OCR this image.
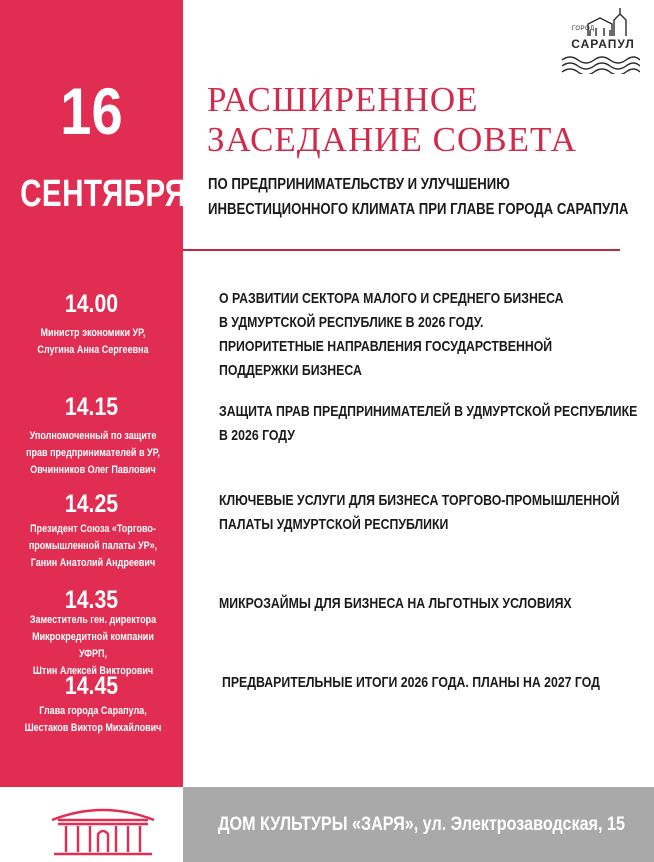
16
СЕНТЯБРЯ
ГОРОД
САРАПУЛ
РАСШИРЕННОЕ
ЗАСЕДАНИЕ СОВЕТА
ПО ПРЕДПРИНИМАТЕЛЬСТВУ И УЛУЧШЕНИЮ
ИНВЕСТИЦИОННОГО КЛИМАТА ПРИ ГЛАВЕ ГОРОДА САРАПУЛА
14.00
Министр экономики УР,
Слугина Анна Сергеевна
О РАЗВИТИИ СЕКТОРА МАЛОГО И СРЕДНЕГО БИЗНЕСА
В УДМУРТСКОЙ РЕСПУБЛИКЕ В 2026 ГОДУ.
ПРИОРИТЕТНЫЕ НАПРАВЛЕНИЯ ГОСУДАРСТВЕННОЙ
ПОДДЕРЖКИ БИЗНЕСА
14.15
Уполномоченный по защите
прав предпринимателей в УР,
Овчинников Олег Павлович
ЗАЩИТА ПРАВ ПРЕДПРИНИМАТЕЛЕЙ В УДМУРТСКОЙ РЕСПУБЛИКЕ
В 2026 ГОДУ
14.25
Президент Союза «Торгово-
промышленной палаты УР»,
Ганин Анатолий Андреевич
КЛЮЧЕВЫЕ УСЛУГИ ДЛЯ БИЗНЕСА ТОРГОВО-ПРОМЫШЛЕННОЙ
ПАЛАТЫ УДМУРТСКОЙ РЕСПУБЛИКИ
14.35
Заместитель ген. директора
Микрокредитной компании УФРП,
Штин Алексей Викторович
МИКРОЗАЙМЫ ДЛЯ БИЗНЕСА НА ЛЬГОТНЫХ УСЛОВИЯХ
14.45
Глава города Сарапула,
Шестаков Виктор Михайлович
ПРЕДВАРИТЕЛЬНЫЕ ИТОГИ 2026 ГОДА. ПЛАНЫ НА 2027 ГОД
ДОМ КУЛЬТУРЫ «ЗАРЯ», ул. Электрозаводская, 15
